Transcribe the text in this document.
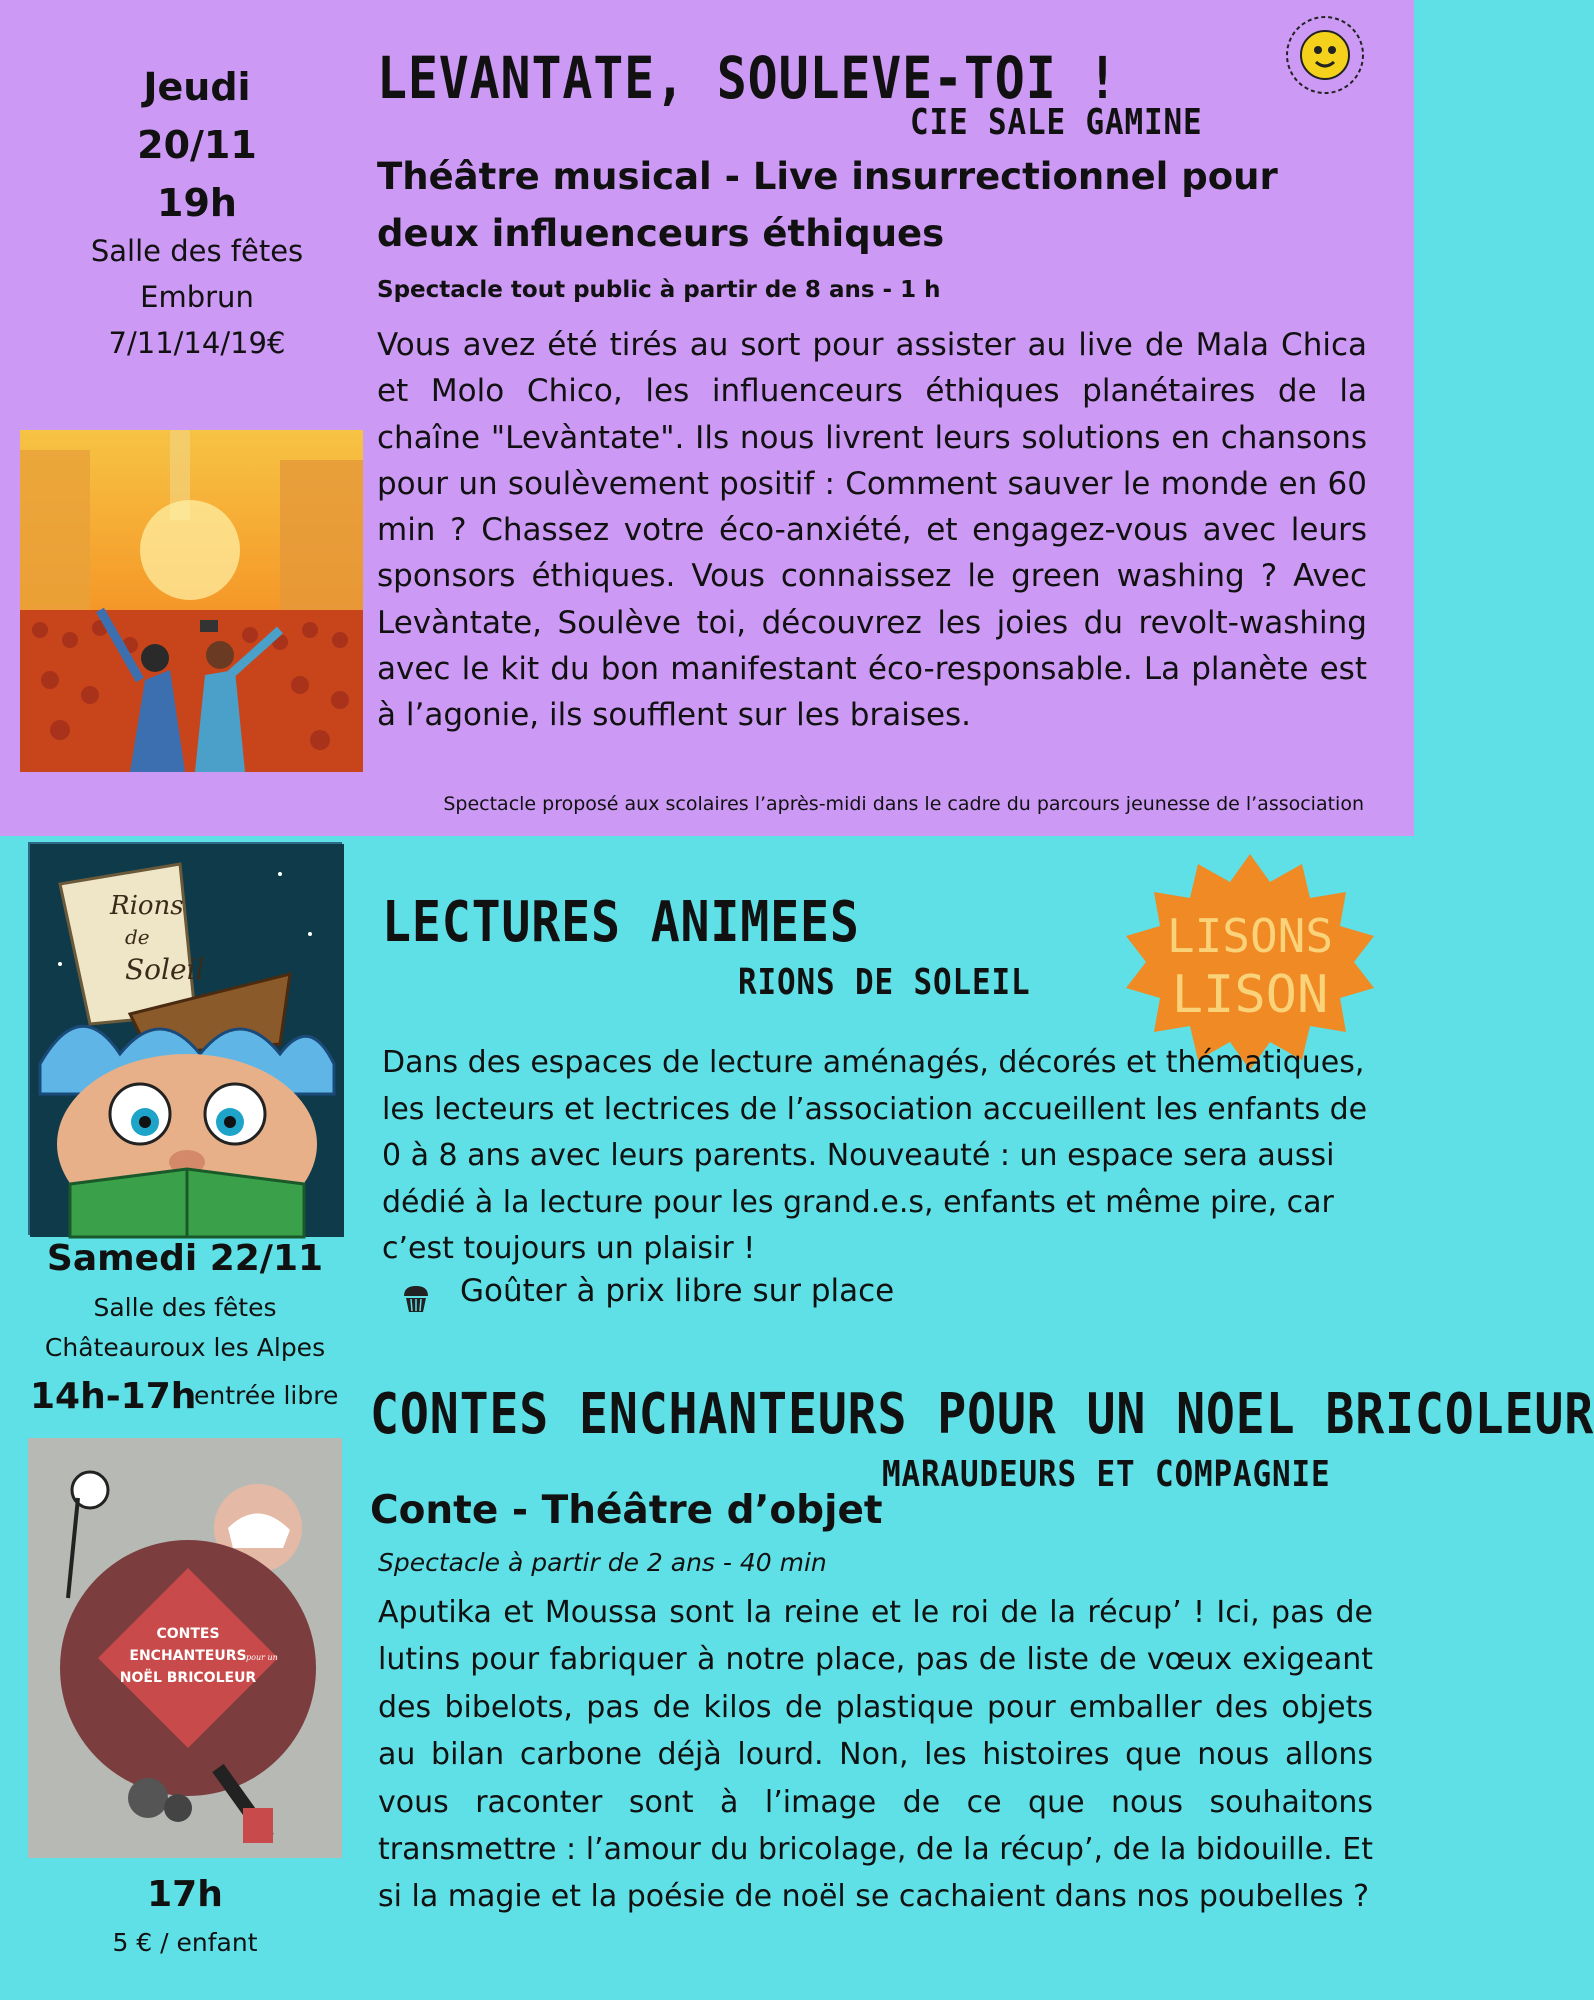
Jeudi
20/11
19h
Salle des fêtes
Embrun
7/11/14/19€
LEVANTATE, SOULEVE-TOI !
CIE SALE GAMINE
Théâtre musical - Live insurrectionnel pour deux influenceurs éthiques
Spectacle tout public à partir de 8 ans - 1 h
Vous avez été tirés au sort pour assister au live de Mala Chica et Molo Chico, les influenceurs éthiques planétaires de la chaîne "Levàntate". Ils nous livrent leurs solutions en chansons pour un soulèvement positif : Comment sauver le monde en 60 min ? Chassez votre éco-anxiété, et engagez-vous avec leurs sponsors éthiques. Vous connaissez le green washing ? Avec Levàntate, Soulève toi, découvrez les joies du revolt-washing avec le kit du bon manifestant éco-responsable. La planète est à l’agonie, ils soufflent sur les braises.
Spectacle proposé aux scolaires l’après-midi dans le cadre du parcours jeunesse de l’association
Rions
de
Soleil
Samedi 22/11
Salle des fêtes
Châteauroux les Alpes
14h-17h
entrée libre
LECTURES ANIMEES
RIONS DE SOLEIL
LISONS
LISON
Dans des espaces de lecture aménagés, décorés et thématiques, les lecteurs et lectrices de l’association accueillent les enfants de 0 à 8 ans avec leurs parents. Nouveauté : un espace sera aussi dédié à la lecture pour les grand.e.s, enfants et même pire, car c’est toujours un plaisir !
Goûter à prix libre sur place
CONTES
ENCHANTEURS pour un
NOËL BRICOLEUR
17h
5 € / enfant
CONTES ENCHANTEURS POUR UN NOEL BRICOLEUR
MARAUDEURS ET COMPAGNIE
Conte - Théâtre d’objet
Spectacle à partir de 2 ans - 40 min
Aputika et Moussa sont la reine et le roi de la récup’ ! Ici, pas de lutins pour fabriquer à notre place, pas de liste de vœux exigeant des bibelots, pas de kilos de plastique pour emballer des objets au bilan carbone déjà lourd. Non, les histoires que nous allons vous raconter sont à l’image de ce que nous souhaitons transmettre : l’amour du bricolage, de la récup’, de la bidouille. Et si la magie et la poésie de noël se cachaient dans nos poubelles ?
